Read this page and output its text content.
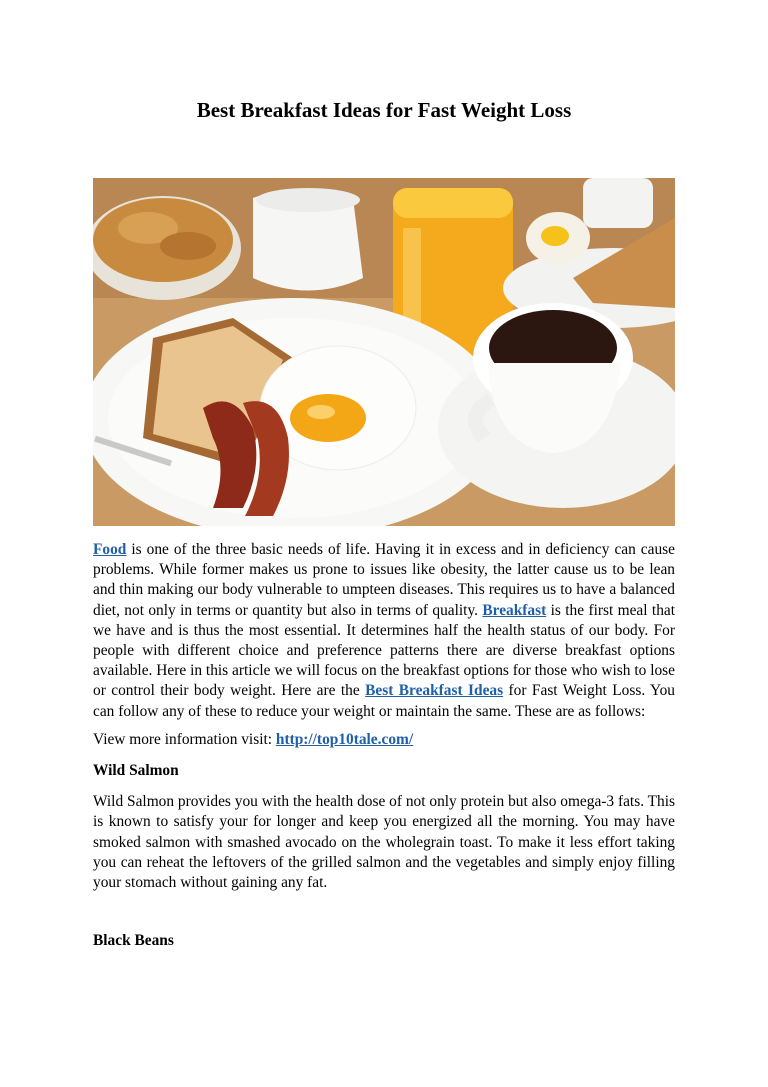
Best Breakfast Ideas for Fast Weight Loss

Food is one of the three basic needs of life. Having it in excess and in deficiency can cause problems. While former makes us prone to issues like obesity, the latter cause us to be lean and thin making our body vulnerable to umpteen diseases. This requires us to have a balanced diet, not only in terms or quantity but also in terms of quality. Breakfast is the first meal that we have and is thus the most essential. It determines half the health status of our body. For people with different choice and preference patterns there are diverse breakfast options available. Here in this article we will focus on the breakfast options for those who wish to lose or control their body weight. Here are the Best Breakfast Ideas for Fast Weight Loss. You can follow any of these to reduce your weight or maintain the same. These are as follows:

View more information visit: http://top10tale.com/

Wild Salmon

Wild Salmon provides you with the health dose of not only protein but also omega-3 fats. This is known to satisfy your for longer and keep you energized all the morning. You may have smoked salmon with smashed avocado on the wholegrain toast. To make it less effort taking you can reheat the leftovers of the grilled salmon and the vegetables and simply enjoy filling your stomach without gaining any fat.

Black Beans
